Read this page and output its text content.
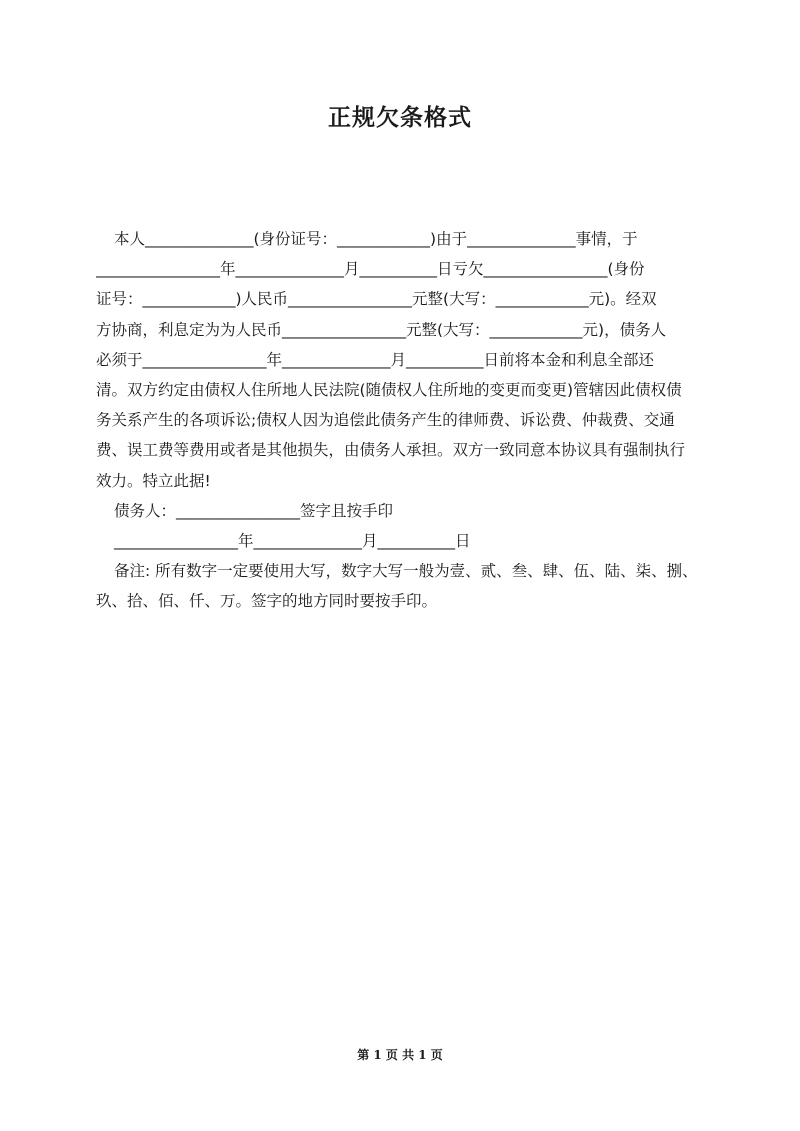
正规欠条格式
本人______________(身份证号：____________)由于______________事情，于
________________年______________月__________日亏欠________________(身份
证号：____________)人民币________________元整(大写：____________元)。经双
方协商，利息定为为人民币________________元整(大写：____________元)，债务人
必须于________________年______________月__________日前将本金和利息全部还
清。双方约定由债权人住所地人民法院(随债权人住所地的变更而变更)管辖因此债权债
务关系产生的各项诉讼;债权人因为追偿此债务产生的律师费、诉讼费、仲裁费、交通
费、误工费等费用或者是其他损失，由债务人承担。双方一致同意本协议具有强制执行
效力。特立此据!
债务人：________________签字且按手印
________________年______________月__________日
备注: 所有数字一定要使用大写，数字大写一般为壹、贰、叁、肆、伍、陆、柒、捌、
玖、拾、佰、仟、万。签字的地方同时要按手印。
第 1 页 共 1 页
